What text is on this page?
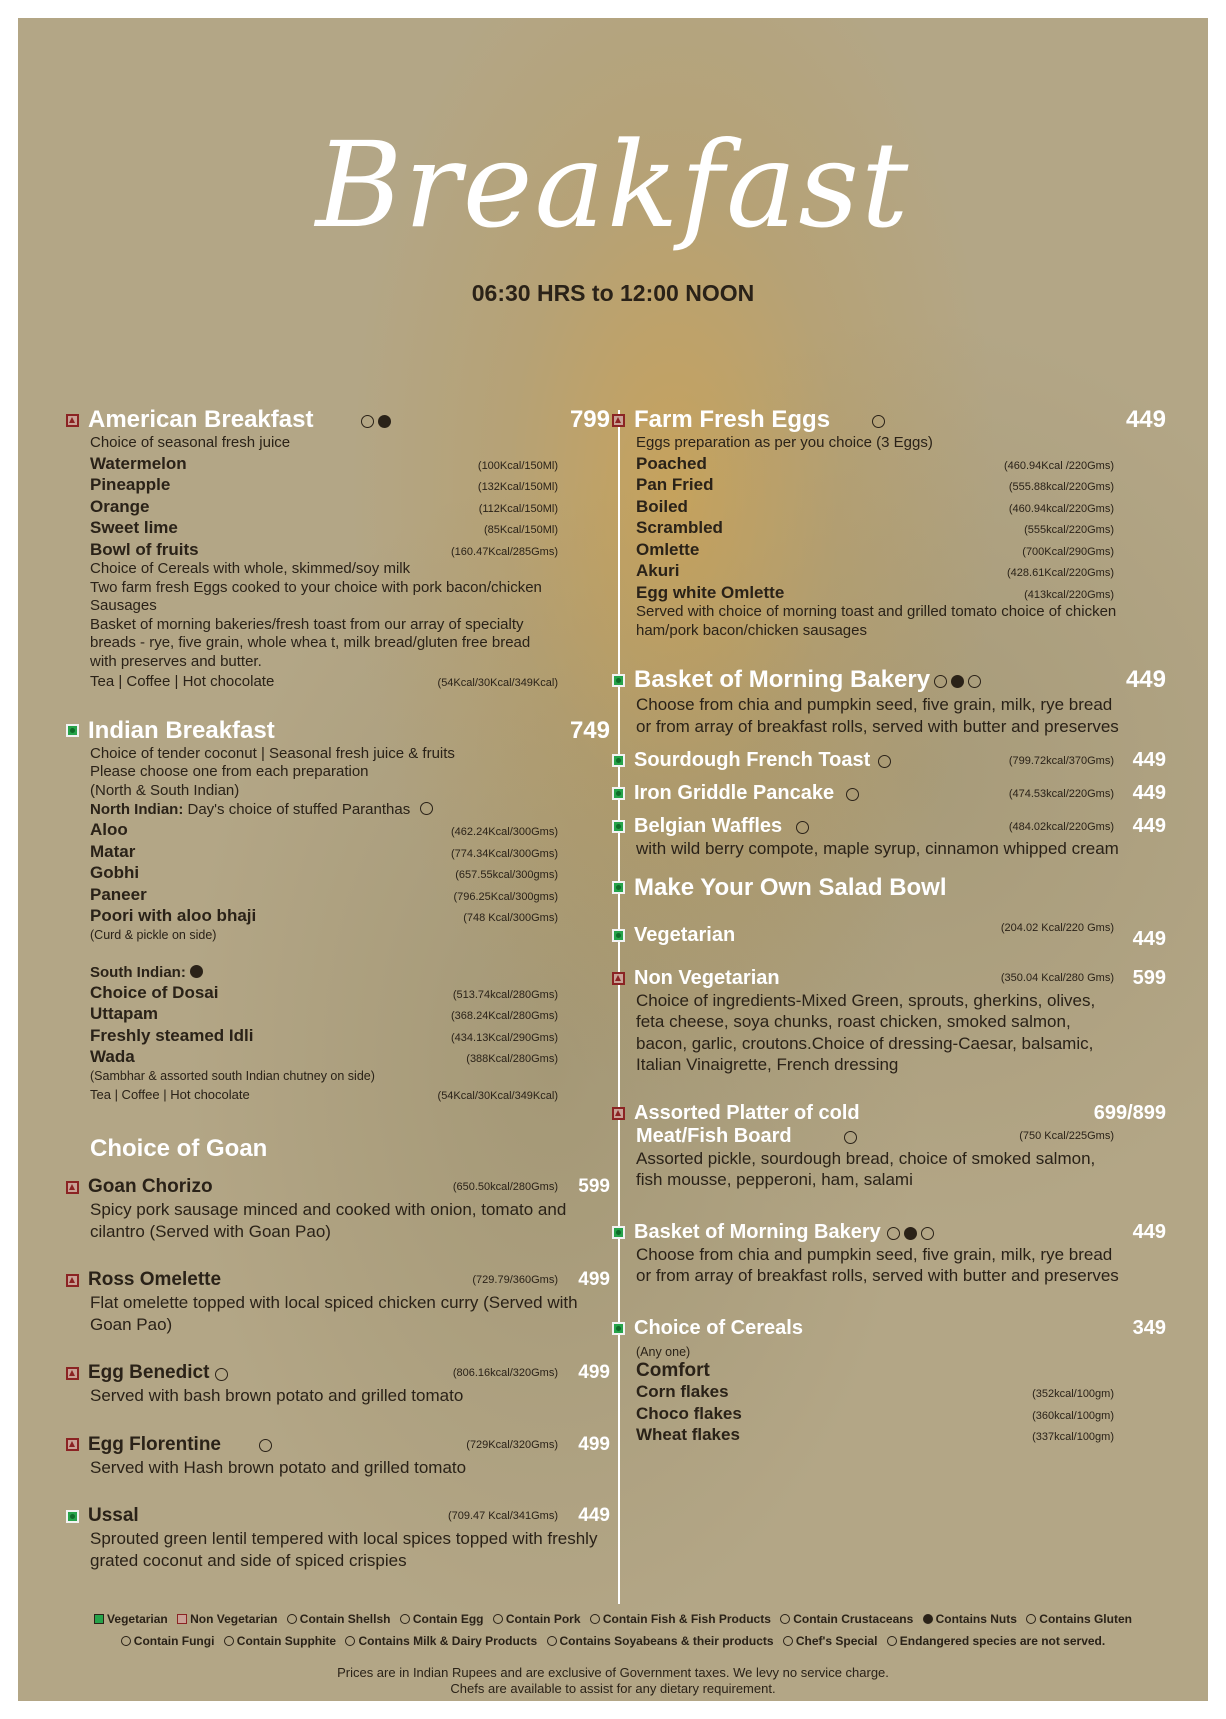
Breakfast
06:30 HRS to 12:00 NOON
American Breakfast	799
Choice of seasonal fresh juice
Watermelon	(100Kcal/150Ml)
Pineapple	(132Kcal/150Ml)
Orange	(112Kcal/150Ml)
Sweet lime	(85Kcal/150Ml)
Bowl of fruits	(160.47Kcal/285Gms)
Choice of Cereals with whole, skimmed/soy milk
Two farm fresh Eggs cooked to your choice with pork bacon/chicken Sausages
Basket of morning bakeries/fresh toast from our array of specialty breads - rye, five grain, whole whea t, milk bread/gluten free bread with preserves and butter.
Tea | Coffee | Hot chocolate	(54Kcal/30Kcal/349Kcal)
Indian Breakfast	749
Choice of tender coconut | Seasonal fresh juice & fruits
Please choose one from each preparation
(North & South Indian)
North Indian: Day's choice of stuffed Paranthas
Aloo	(462.24Kcal/300Gms)
Matar	(774.34Kcal/300Gms)
Gobhi	(657.55kcal/300gms)
Paneer	(796.25Kcal/300gms)
Poori with aloo bhaji	(748 Kcal/300Gms)
(Curd & pickle on side)
South Indian:
Choice of Dosai	(513.74kcal/280Gms)
Uttapam	(368.24Kcal/280Gms)
Freshly steamed Idli	(434.13Kcal/290Gms)
Wada	(388Kcal/280Gms)
(Sambhar & assorted south Indian chutney on side)
Tea | Coffee | Hot chocolate	(54Kcal/30Kcal/349Kcal)
Choice of Goan
Goan Chorizo	(650.50kcal/280Gms) 599
Spicy pork sausage minced and cooked with onion, tomato and cilantro (Served with Goan Pao)
Ross Omelette	(729.79/360Gms) 499
Flat omelette topped with local spiced chicken curry (Served with Goan Pao)
Egg Benedict	(806.16kcal/320Gms) 499
Served with bash brown potato and grilled tomato
Egg Florentine	(729Kcal/320Gms) 499
Served with Hash brown potato and grilled tomato
Ussal	(709.47 Kcal/341Gms) 449
Sprouted green lentil tempered with local spices topped with freshly grated coconut and side of spiced crispies
Farm Fresh Eggs	449
Eggs preparation as per you choice (3 Eggs)
Poached	(460.94Kcal /220Gms)
Pan Fried	(555.88kcal/220Gms)
Boiled	(460.94kcal/220Gms)
Scrambled	(555kcal/220Gms)
Omlette	(700Kcal/290Gms)
Akuri	(428.61Kcal/220Gms)
Egg white Omlette	(413kcal/220Gms)
Served with choice of morning toast and grilled tomato choice of chicken ham/pork bacon/chicken sausages
Basket of Morning Bakery	449
Choose from chia and pumpkin seed, five grain, milk, rye bread or from array of breakfast rolls, served with butter and preserves
Sourdough French Toast	(799.72kcal/370Gms) 449
Iron Griddle Pancake	(474.53kcal/220Gms) 449
Belgian Waffles	(484.02kcal/220Gms) 449
with wild berry compote, maple syrup, cinnamon whipped cream
Make Your Own Salad Bowl
Vegetarian	(204.02 Kcal/220 Gms) 449
Non Vegetarian	(350.04 Kcal/280 Gms) 599
Choice of ingredients-Mixed Green, sprouts, gherkins, olives, feta cheese, soya chunks, roast chicken, smoked salmon, bacon, garlic, croutons.Choice of dressing-Caesar, balsamic, Italian Vinaigrette, French dressing
Assorted Platter of cold	699/899
Meat/Fish Board	(750 Kcal/225Gms)
Assorted pickle, sourdough bread, choice of smoked salmon, fish mousse, pepperoni, ham, salami
Basket of Morning Bakery	449
Choose from chia and pumpkin seed, five grain, milk, rye bread or from array of breakfast rolls, served with butter and preserves
Choice of Cereals	349
(Any one)
Comfort
Corn flakes	(352kcal/100gm)
Choco flakes	(360kcal/100gm)
Wheat flakes	(337kcal/100gm)
Vegetarian Non Vegetarian Contain Shellsh Contain Egg Contain Pork Contain Fish & Fish Products Contain Crustaceans Contains Nuts Contains Gluten
Contain Fungi Contain Supphite Contains Milk & Dairy Products Contains Soyabeans & their products Chef's Special Endangered species are not served.
Prices are in Indian Rupees and are exclusive of Government taxes. We levy no service charge.
Chefs are available to assist for any dietary requirement.
